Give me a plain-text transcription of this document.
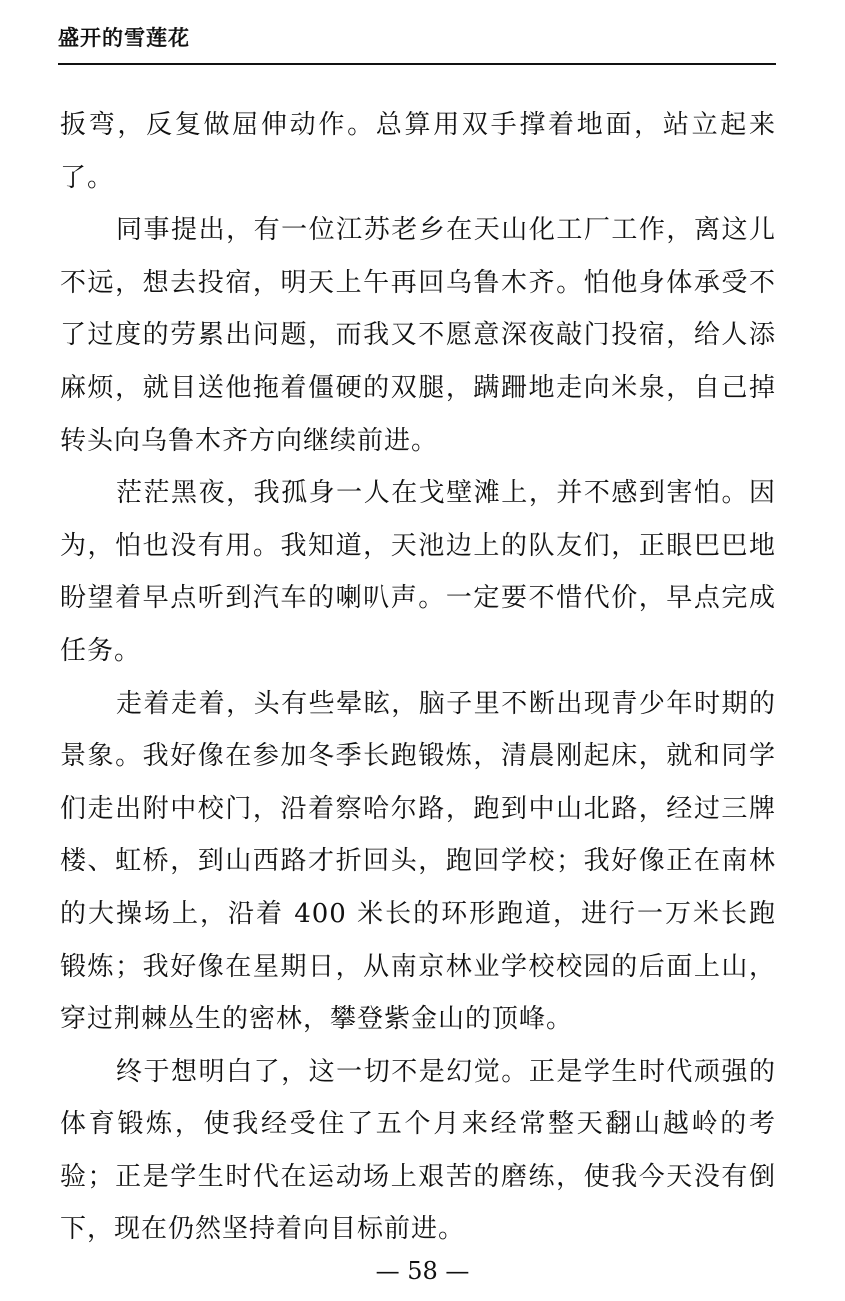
盛开的雪莲花

扳弯，反复做屈伸动作。总算用双手撑着地面，站立起来了。

同事提出，有一位江苏老乡在天山化工厂工作，离这儿不远，想去投宿，明天上午再回乌鲁木齐。怕他身体承受不了过度的劳累出问题，而我又不愿意深夜敲门投宿，给人添麻烦，就目送他拖着僵硬的双腿，蹒跚地走向米泉，自己掉转头向乌鲁木齐方向继续前进。

茫茫黑夜，我孤身一人在戈壁滩上，并不感到害怕。因为，怕也没有用。我知道，天池边上的队友们，正眼巴巴地盼望着早点听到汽车的喇叭声。一定要不惜代价，早点完成任务。

走着走着，头有些晕眩，脑子里不断出现青少年时期的景象。我好像在参加冬季长跑锻炼，清晨刚起床，就和同学们走出附中校门，沿着察哈尔路，跑到中山北路，经过三牌楼、虹桥，到山西路才折回头，跑回学校；我好像正在南林的大操场上，沿着 400 米长的环形跑道，进行一万米长跑锻炼；我好像在星期日，从南京林业学校校园的后面上山，穿过荆棘丛生的密林，攀登紫金山的顶峰。

终于想明白了，这一切不是幻觉。正是学生时代顽强的体育锻炼，使我经受住了五个月来经常整天翻山越岭的考验；正是学生时代在运动场上艰苦的磨练，使我今天没有倒下，现在仍然坚持着向目标前进。

— 58 —
